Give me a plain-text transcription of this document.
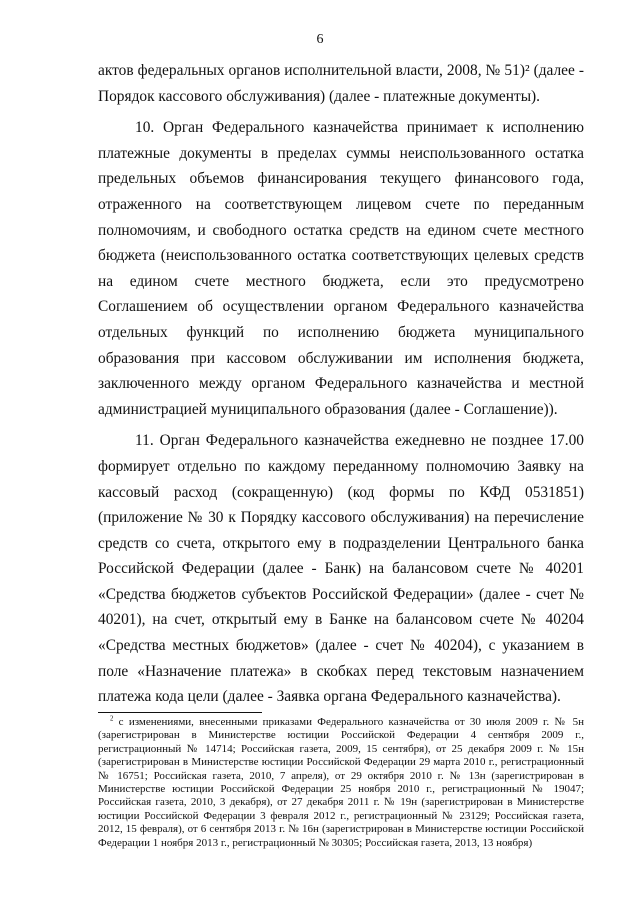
6

актов федеральных органов исполнительной власти, 2008, № 51)² (далее - Порядок кассового обслуживания) (далее - платежные документы).

10. Орган Федерального казначейства принимает к исполнению платежные документы в пределах суммы неиспользованного остатка предельных объемов финансирования текущего финансового года, отраженного на соответствующем лицевом счете по переданным полномочиям, и свободного остатка средств на едином счете местного бюджета (неиспользованного остатка соответствующих целевых средств на едином счете местного бюджета, если это предусмотрено Соглашением об осуществлении органом Федерального казначейства отдельных функций по исполнению бюджета муниципального образования при кассовом обслуживании им исполнения бюджета, заключенного между органом Федерального казначейства и местной администрацией муниципального образования (далее - Соглашение)).

11. Орган Федерального казначейства ежедневно не позднее 17.00 формирует отдельно по каждому переданному полномочию Заявку на кассовый расход (сокращенную) (код формы по КФД 0531851) (приложение № 30 к Порядку кассового обслуживания) на перечисление средств со счета, открытого ему в подразделении Центрального банка Российской Федерации (далее - Банк) на балансовом счете № 40201 «Средства бюджетов субъектов Российской Федерации» (далее - счет № 40201), на счет, открытый ему в Банке на балансовом счете № 40204 «Средства местных бюджетов» (далее - счет № 40204), с указанием в поле «Назначение платежа» в скобках перед текстовым назначением платежа кода цели (далее - Заявка органа Федерального казначейства).

$^2$ с изменениями, внесенными приказами Федерального казначейства от 30 июля 2009 г. № 5н (зарегистрирован в Министерстве юстиции Российской Федерации 4 сентября 2009 г., регистрационный № 14714; Российская газета, 2009, 15 сентября), от 25 декабря 2009 г. № 15н (зарегистрирован в Министерстве юстиции Российской Федерации 29 марта 2010 г., регистрационный № 16751; Российская газета, 2010, 7 апреля), от 29 октября 2010 г. № 13н (зарегистрирован в Министерстве юстиции Российской Федерации 25 ноября 2010 г., регистрационный № 19047; Российская газета, 2010, 3 декабря), от 27 декабря 2011 г. № 19н (зарегистрирован в Министерстве юстиции Российской Федерации 3 февраля 2012 г., регистрационный № 23129; Российская газета, 2012, 15 февраля), от 6 сентября 2013 г. № 16н (зарегистрирован в Министерстве юстиции Российской Федерации 1 ноября 2013 г., регистрационный № 30305; Российская газета, 2013, 13 ноября)
